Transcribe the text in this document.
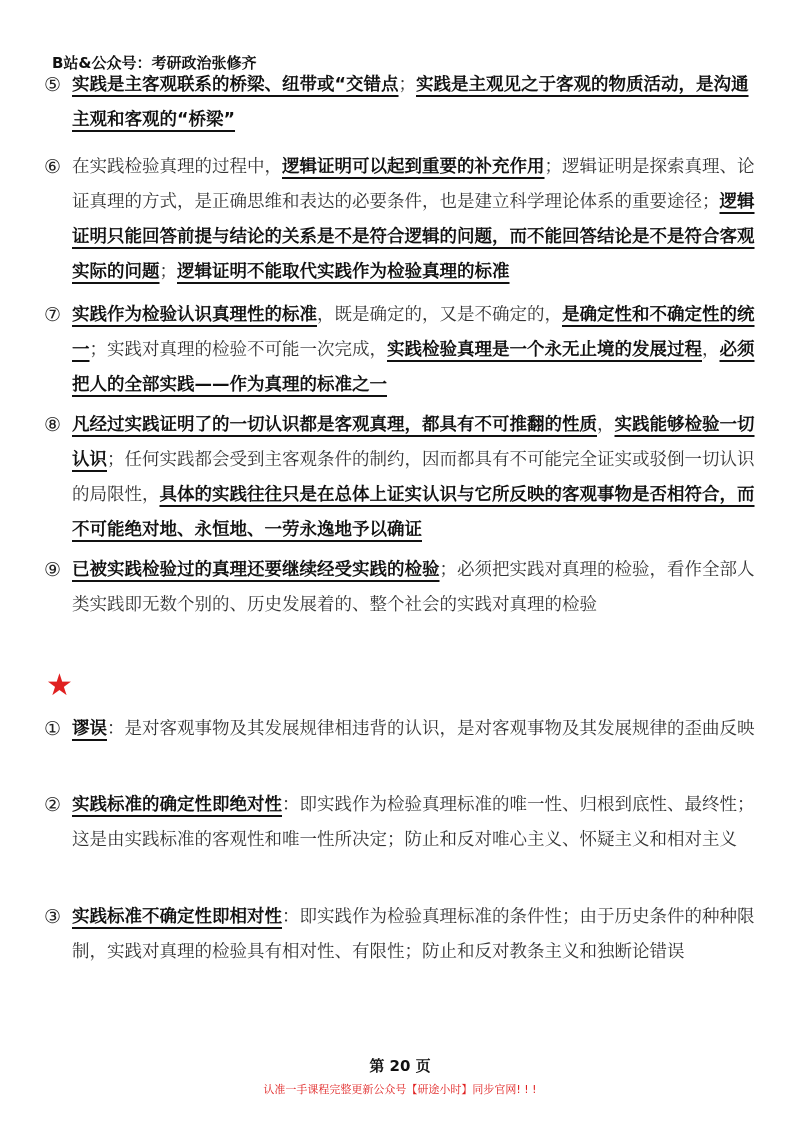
B站&公众号：考研政治张修齐
⑤ 实践是主客观联系的桥梁、纽带或“交错点；实践是主观见之于客观的物质活动，是沟通主观和客观的“桥梁”
⑥ 在实践检验真理的过程中，逻辑证明可以起到重要的补充作用；逻辑证明是探索真理、论证真理的方式，是正确思维和表达的必要条件，也是建立科学理论体系的重要途径；逻辑证明只能回答前提与结论的关系是不是符合逻辑的问题，而不能回答结论是不是符合客观实际的问题；逻辑证明不能取代实践作为检验真理的标准
⑦ 实践作为检验认识真理性的标准，既是确定的，又是不确定的，是确定性和不确定性的统一；实践对真理的检验不可能一次完成，实践检验真理是一个永无止境的发展过程，必须把人的全部实践——作为真理的标准之一
⑧ 凡经过实践证明了的一切认识都是客观真理，都具有不可推翻的性质，实践能够检验一切认识；任何实践都会受到主客观条件的制约，因而都具有不可能完全证实或驳倒一切认识的局限性，具体的实践往往只是在总体上证实认识与它所反映的客观事物是否相符合，而不可能绝对地、永恒地、一劳永逸地予以确证
⑨ 已被实践检验过的真理还要继续经受实践的检验；必须把实践对真理的检验，看作全部人类实践即无数个别的、历史发展着的、整个社会的实践对真理的检验
★
① 谬误：是对客观事物及其发展规律相违背的认识，是对客观事物及其发展规律的歪曲反映
② 实践标准的确定性即绝对性：即实践作为检验真理标准的唯一性、归根到底性、最终性；这是由实践标准的客观性和唯一性所决定；防止和反对唯心主义、怀疑主义和相对主义
③ 实践标准不确定性即相对性：即实践作为检验真理标准的条件性；由于历史条件的种种限制，实践对真理的检验具有相对性、有限性；防止和反对教条主义和独断论错误
第 20 页
认准一手课程完整更新公众号【研途小时】同步官网! ! !
